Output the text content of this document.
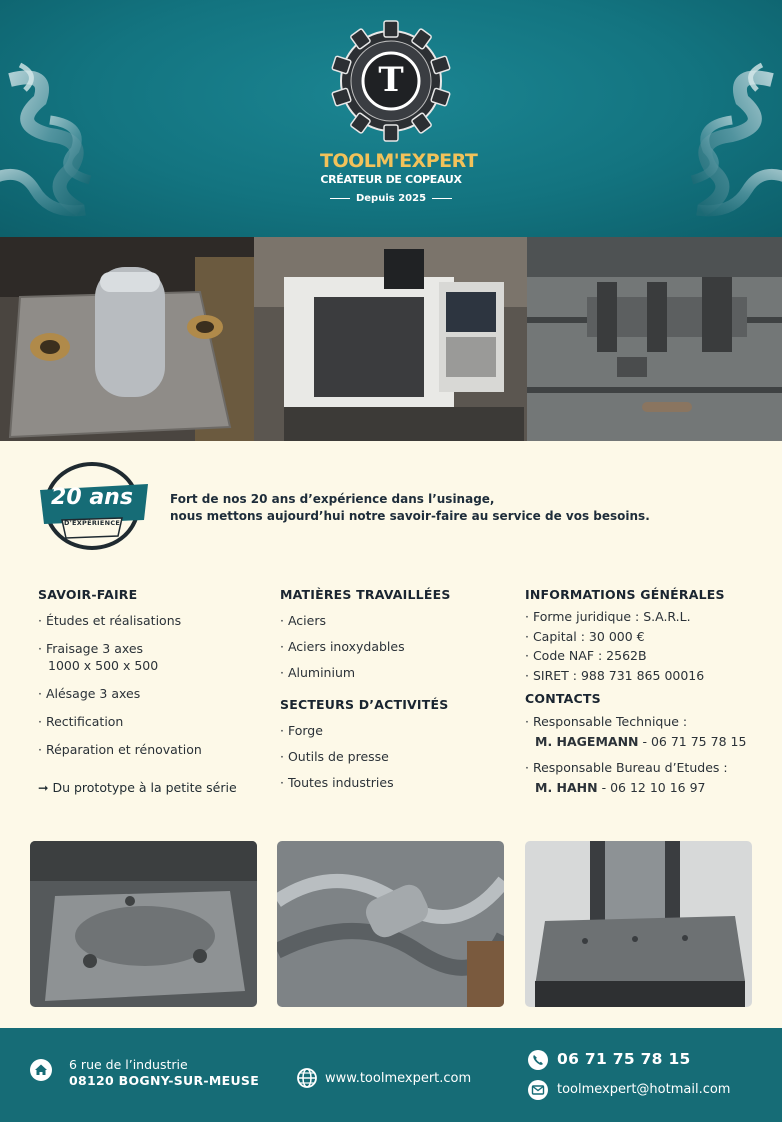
T
TOOLM'EXPERT
CRÉATEUR DE COPEAUX
Depuis 2025
20 ans
D'EXPÉRIENCE
Fort de nos 20 ans d’expérience dans l’usinage,
nous mettons aujourd’hui notre savoir-faire au service de vos besoins.
SAVOIR-FAIRE
· Études et réalisations
· Fraisage 3 axes
1000 x 500 x 500
· Alésage 3 axes
· Rectification
· Réparation et rénovation
➞ Du prototype à la petite série
MATIÈRES TRAVAILLÉES
· Aciers
· Aciers inoxydables
· Aluminium
SECTEURS D’ACTIVITÉS
· Forge
· Outils de presse
· Toutes industries
INFORMATIONS GÉNÉRALES
· Forme juridique : S.A.R.L.
· Capital : 30 000 €
· Code NAF : 2562B
· SIRET : 988 731 865 00016
CONTACTS
· Responsable Technique :
M. HAGEMANN - 06 71 75 78 15
· Responsable Bureau d’Etudes :
M. HAHN - 06 12 10 16 97
6 rue de l’industrie
08120 BOGNY-SUR-MEUSE	www.toolmexpert.com
06 71 75 78 15
toolmexpert@hotmail.com
